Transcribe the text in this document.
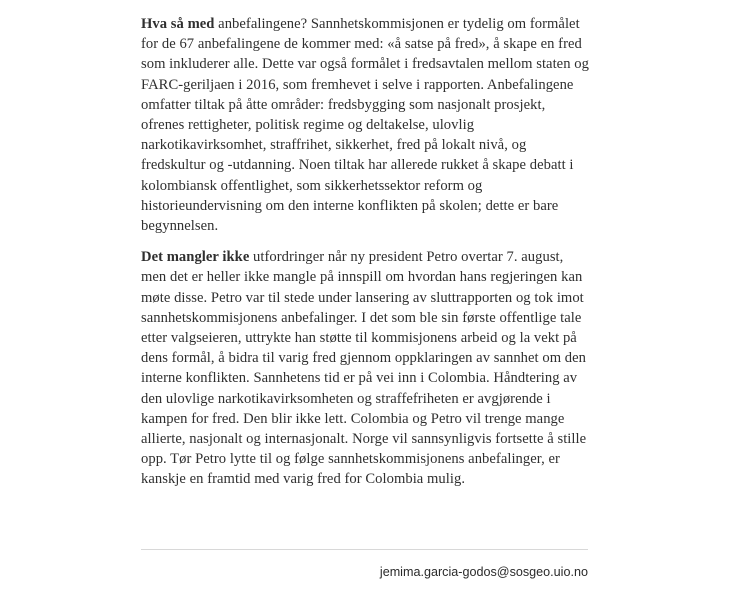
Hva så med anbefalingene? Sannhetskommisjonen er tydelig om formålet for de 67 anbefalingene de kommer med: «å satse på fred», å skape en fred som inkluderer alle. Dette var også formålet i fredsavtalen mellom staten og FARC-geriljaen i 2016, som fremhevet i selve i rapporten. Anbefalingene omfatter tiltak på åtte områder: fredsbygging som nasjonalt prosjekt, ofrenes rettigheter, politisk regime og deltakelse, ulovlig narkotikavirksomhet, straffrihet, sikkerhet, fred på lokalt nivå, og fredskultur og -utdanning. Noen tiltak har allerede rukket å skape debatt i kolombiansk offentlighet, som sikkerhetssektor reform og historieundervisning om den interne konflikten på skolen; dette er bare begynnelsen.

Det mangler ikke utfordringer når ny president Petro overtar 7. august, men det er heller ikke mangle på innspill om hvordan hans regjeringen kan møte disse. Petro var til stede under lansering av sluttrapporten og tok imot sannhetskommisjonens anbefalinger. I det som ble sin første offentlige tale etter valgseieren, uttrykte han støtte til kommisjonens arbeid og la vekt på dens formål, å bidra til varig fred gjennom oppklaringen av sannhet om den interne konflikten. Sannhetens tid er på vei inn i Colombia. Håndtering av den ulovlige narkotikavirksomheten og straffefriheten er avgjørende i kampen for fred. Den blir ikke lett. Colombia og Petro vil trenge mange allierte, nasjonalt og internasjonalt. Norge vil sannsynligvis fortsette å stille opp. Tør Petro lytte til og følge sannhetskommisjonens anbefalinger, er kanskje en framtid med varig fred for Colombia mulig.

jemima.garcia-godos@sosgeo.uio.no
